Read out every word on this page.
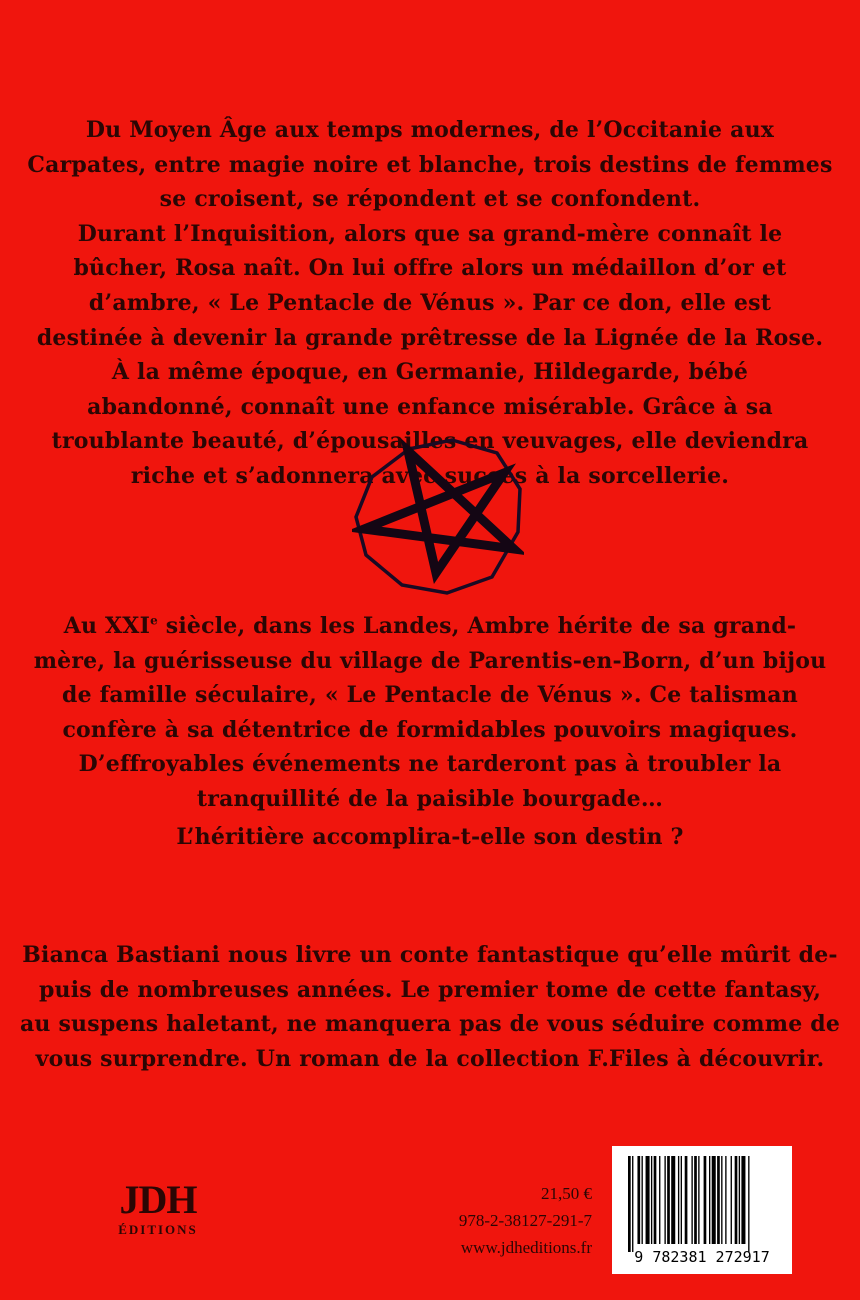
Du Moyen Âge aux temps modernes, de l’Occitanie aux

Carpates, entre magie noire et blanche, trois destins de femmes

se croisent, se répondent et se confondent.

Durant l’Inquisition, alors que sa grand-mère connaît le

bûcher, Rosa naît. On lui offre alors un médaillon d’or et

d’ambre, « Le Pentacle de Vénus ». Par ce don, elle est

destinée à devenir la grande prêtresse de la Lignée de la Rose.

À la même époque, en Germanie, Hildegarde, bébé

abandonné, connaît une enfance misérable. Grâce à sa

troublante beauté, d’épousailles en veuvages, elle deviendra

riche et s’adonnera avec succès à la sorcellerie.

Au XXIe siècle, dans les Landes, Ambre hérite de sa grand-

mère, la guérisseuse du village de Parentis-en-Born, d’un bijou

de famille séculaire, « Le Pentacle de Vénus ». Ce talisman

confère à sa détentrice de formidables pouvoirs magiques.

D’effroyables événements ne tarderont pas à troubler la

tranquillité de la paisible bourgade…

L’héritière accomplira-t-elle son destin ?

Bianca Bastiani nous livre un conte fantastique qu’elle mûrit de-

puis de nombreuses années. Le premier tome de cette fantasy,

au suspens haletant, ne manquera pas de vous séduire comme de

vous surprendre. Un roman de la collection F.Files à découvrir.

JDH
ÉDITIONS
21,50 €
978-2-38127-291-7
www.jdheditions.fr	9 782381 272917
